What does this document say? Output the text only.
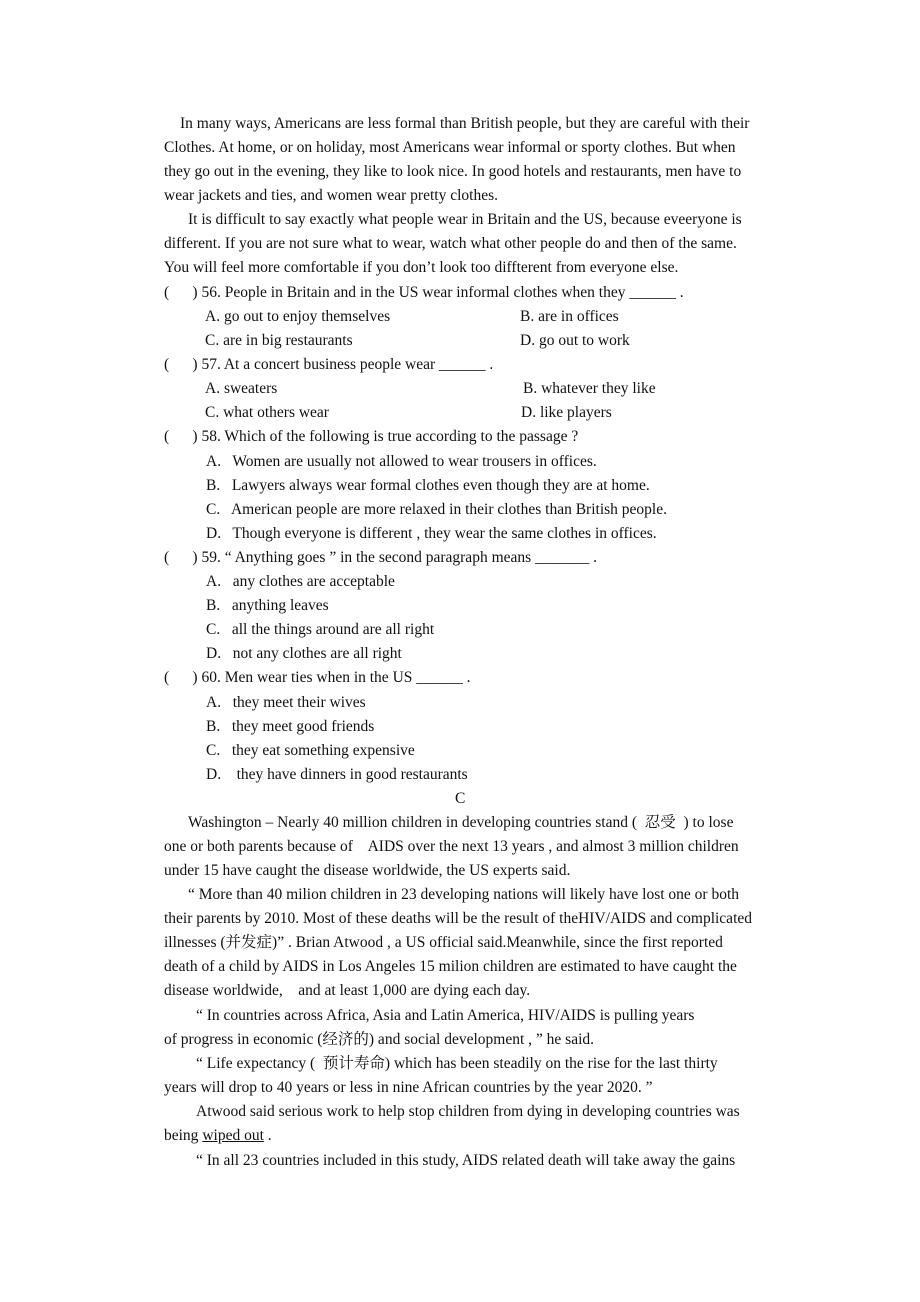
In many ways, Americans are less formal than British people, but they are careful with their
Clothes. At home, or on holiday, most Americans wear informal or sporty clothes. But when
they go out in the evening, they like to look nice. In good hotels and restaurants, men have to
wear jackets and ties, and women wear pretty clothes.
It is difficult to say exactly what people wear in Britain and the US, because eveeryone is
different. If you are not sure what to wear, watch what other people do and then of the same.
You will feel more comfortable if you don’t look too diffterent from everyone else.
(      ) 56. People in Britain and in the US wear informal clothes when they ______ .
A. go out to enjoy themselves	B. are in offices
C. are in big restaurants	D. go out to work
(      ) 57. At a concert business people wear ______ .
A. sweaters	B. whatever they like
C. what others wear	D. like players
(      ) 58. Which of the following is true according to the passage ?
A.   Women are usually not allowed to wear trousers in offices.
B.   Lawyers always wear formal clothes even though they are at home.
C.   American people are more relaxed in their clothes than British people.
D.   Though everyone is different , they wear the same clothes in offices.
(      ) 59. “ Anything goes ” in the second paragraph means _______ .
A.   any clothes are acceptable
B.   anything leaves
C.   all the things around are all right
D.   not any clothes are all right
(      ) 60. Men wear ties when in the US ______ .
A.   they meet their wives
B.   they meet good friends
C.   they eat something expensive
D.    they have dinners in good restaurants
C
Washington – Nearly 40 million children in developing countries stand (  忍受  ) to lose
one or both parents because of    AIDS over the next 13 years , and almost 3 million children
under 15 have caught the disease worldwide, the US experts said.
“ More than 40 milion children in 23 developing nations will likely have lost one or both
their parents by 2010. Most of these deaths will be the result of theHIV/AIDS and complicated
illnesses (并发症)” . Brian Atwood , a US official said.Meanwhile, since the first reported
death of a child by AIDS in Los Angeles 15 milion children are estimated to have caught the
disease worldwide,    and at least 1,000 are dying each day.
“ In countries across Africa, Asia and Latin America, HIV/AIDS is pulling years
of progress in economic (经济的) and social development , ” he said.
“ Life expectancy (  预计寿命) which has been steadily on the rise for the last thirty
years will drop to 40 years or less in nine African countries by the year 2020. ”
Atwood said serious work to help stop children from dying in developing countries was
being wiped out .
“ In all 23 countries included in this study, AIDS related death will take away the gains
